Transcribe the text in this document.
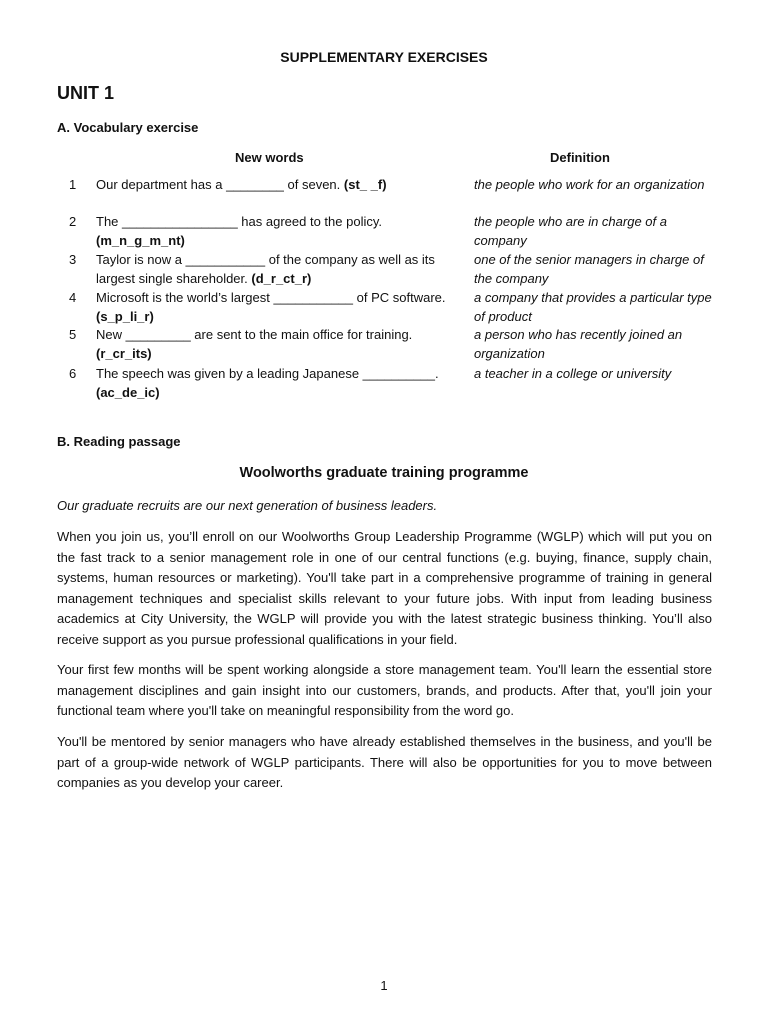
SUPPLEMENTARY EXERCISES
UNIT 1
A. Vocabulary exercise
New words	Definition
1 Our department has a ________ of seven. (st_ _f)	the people who work for an organization
2 The ________________ has agreed to the policy. (m_n_g_m_nt)
the people who are in charge of a company
3 Taylor is now a ___________ of the company as well as its largest single shareholder. (d_r_ct_r)
one of the senior managers in charge of the company
4 Microsoft is the world’s largest ___________ of PC software. (s_p_li_r)
a company that provides a particular type of product
5 New _________ are sent to the main office for training. (r_cr_its)
a person who has recently joined an organization
6 The speech was given by a leading Japanese __________. (ac_de_ic)
a teacher in a college or university
B. Reading passage
Woolworths graduate training programme
Our graduate recruits are our next generation of business leaders.
When you join us, you’ll enroll on our Woolworths Group Leadership Programme (WGLP) which will put you on the fast track to a senior management role in one of our central functions (e.g. buying, finance, supply chain, systems, human resources or marketing). You'll take part in a comprehensive programme of training in general management techniques and specialist skills relevant to your future jobs. With input from leading business academics at City University, the WGLP will provide you with the latest strategic business thinking. You’ll also receive support as you pursue professional qualifications in your field.
Your first few months will be spent working alongside a store management team. You'll learn the essential store management disciplines and gain insight into our customers, brands, and products. After that, you'll join your functional team where you'll take on meaningful responsibility from the word go.
You'll be mentored by senior managers who have already established themselves in the business, and you'll be part of a group-wide network of WGLP participants. There will also be opportunities for you to move between companies as you develop your career.
1
